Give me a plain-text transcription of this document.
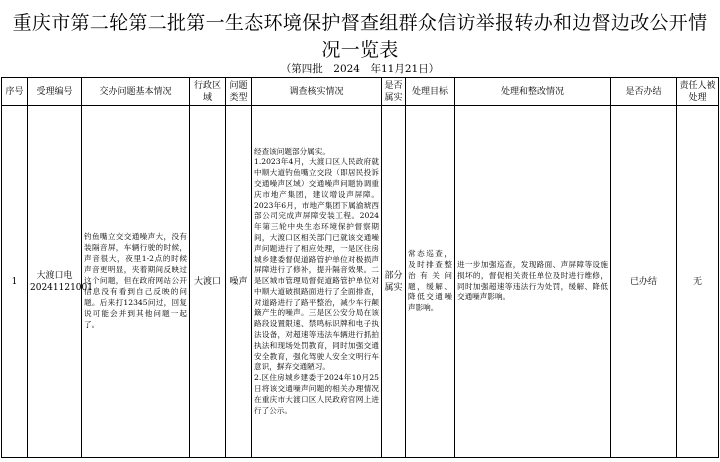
重庆市第二轮第二批第一生态环境保护督查组群众信访举报转办和边督边改公开情况一览表
（第四批　2024　年11月21日）
序号	受理编号	交办问题基本情况	行政区域	问题类型	调查核实情况	是否属实	处理目标	处理和整改情况	是否办结	责任人被处理
1	大渡口电20241121001	钓鱼嘴立交交通噪声大，没有装隔音屏，车辆行驶的时候，声音很大，夜里1-2点的时候声音更明显，夹着期间反映过这个问题，但在政府网站公开信息没有看到自己反映的问题。后来打12345问过，回复说可能会并到其他问题一起了。	大渡口	噪声	经查该问题部分属实。

1.2023年4月，大渡口区人民政府就中顺大道钓鱼嘴立交段（即居民投诉交通噪声区域）交通噪声问题协调重庆市地产集团，建议增设声屏障。2023年6月，市地产集团下属渝琥西部公司完成声屏障安装工程。2024年第三轮中央生态环境保护督察期间，大渡口区相关部门已就该交通噪声问题进行了相应处理，一是区住房城乡建委督促道路管护单位对极损声屏障进行了修补，提升隔音效果。二是区城市管理局督促道路管护单位对中顺大道破损路面进行了全面排查，对道路进行了路平整治，减少车行颠簸产生的噪声。三是区公安分局在该路段设置限速、禁鸣标识牌和电子执法设备，对超速等违法车辆进行抓拍执法和现场处罚教育，同时加强交通安全教育，强化驾驶人安全文明行车意识，摒弃交通陋习。

2.区住房城乡建委于2024年10月25日将该交通噪声问题的相关办理情况在重庆市大渡口区人民政府官网上进行了公示。	部分属实	常态巡查，及时排查整治有关问题，缓解、降低交通噪声影响。	进一步加强巡查，发现路面、声屏障等设施损坏的，督促相关责任单位及时进行维修，同时加强超速等违法行为处罚，缓解、降低交通噪声影响。	已办结	无
